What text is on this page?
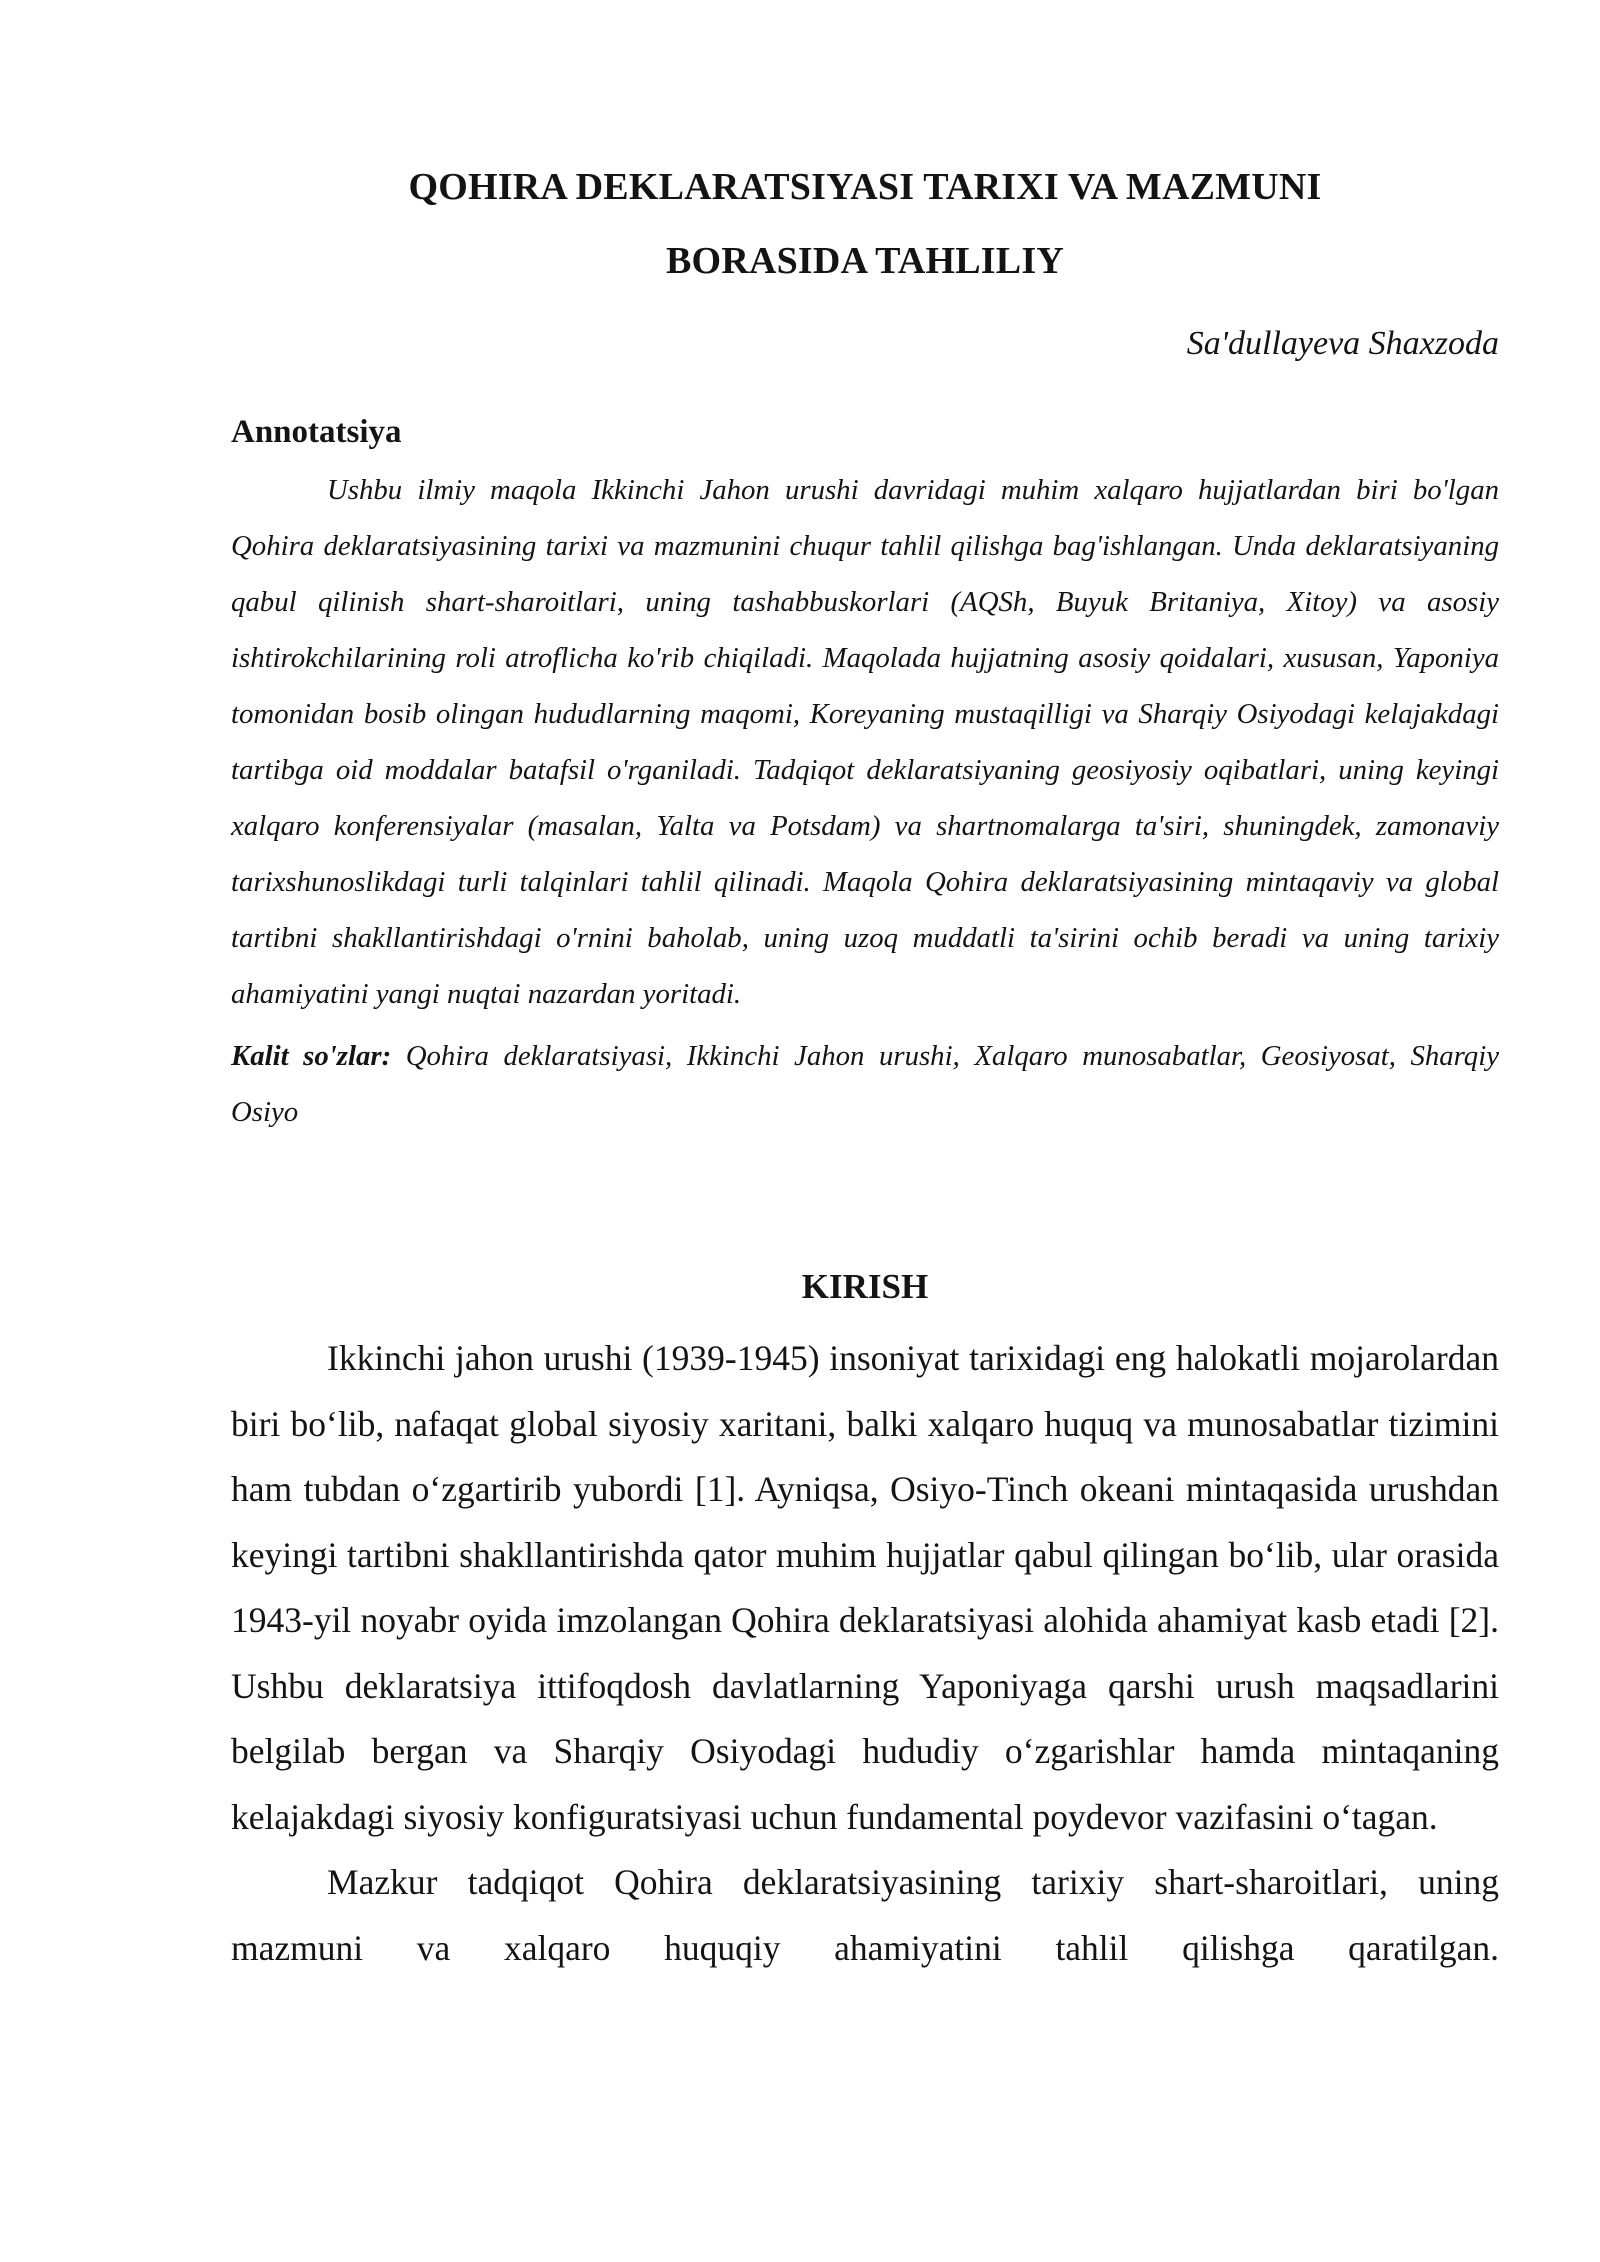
QOHIRA DEKLARATSIYASI TARIXI VA MAZMUNI
BORASIDA TAHLILIY
Sa'dullayeva Shaxzoda
Annotatsiya

Ushbu ilmiy maqola Ikkinchi Jahon urushi davridagi muhim xalqaro hujjatlardan biri bo'lgan Qohira deklaratsiyasining tarixi va mazmunini chuqur tahlil qilishga bag'ishlangan. Unda deklaratsiyaning qabul qilinish shart-sharoitlari, uning tashabbuskorlari (AQSh, Buyuk Britaniya, Xitoy) va asosiy ishtirokchilarining roli atroflicha ko'rib chiqiladi. Maqolada hujjatning asosiy qoidalari, xususan, Yaponiya tomonidan bosib olingan hududlarning maqomi, Koreyaning mustaqilligi va Sharqiy Osiyodagi kelajakdagi tartibga oid moddalar batafsil o'rganiladi. Tadqiqot deklaratsiyaning geosiyosiy oqibatlari, uning keyingi xalqaro konferensiyalar (masalan, Yalta va Potsdam) va shartnomalarga ta'siri, shuningdek, zamonaviy tarixshunoslikdagi turli talqinlari tahlil qilinadi. Maqola Qohira deklaratsiyasining mintaqaviy va global tartibni shakllantirishdagi o'rnini baholab, uning uzoq muddatli ta'sirini ochib beradi va uning tarixiy ahamiyatini yangi nuqtai nazardan yoritadi.

Kalit so'zlar: Qohira deklaratsiyasi, Ikkinchi Jahon urushi, Xalqaro munosabatlar, Geosiyosat, Sharqiy Osiyo

KIRISH

Ikkinchi jahon urushi (1939-1945) insoniyat tarixidagi eng halokatli mojarolardan biri bo‘lib, nafaqat global siyosiy xaritani, balki xalqaro huquq va munosabatlar tizimini ham tubdan o‘zgartirib yubordi [1]. Ayniqsa, Osiyo-Tinch okeani mintaqasida urushdan keyingi tartibni shakllantirishda qator muhim hujjatlar qabul qilingan bo‘lib, ular orasida 1943-yil noyabr oyida imzolangan Qohira deklaratsiyasi alohida ahamiyat kasb etadi [2]. Ushbu deklaratsiya ittifoqdosh davlatlarning Yaponiyaga qarshi urush maqsadlarini belgilab bergan va Sharqiy Osiyodagi hududiy o‘zgarishlar hamda mintaqaning kelajakdagi siyosiy konfiguratsiyasi uchun fundamental poydevor vazifasini o‘tagan.

Mazkur tadqiqot Qohira deklaratsiyasining tarixiy shart-sharoitlari, uning mazmuni va xalqaro huquqiy ahamiyatini tahlil qilishga qaratilgan.
